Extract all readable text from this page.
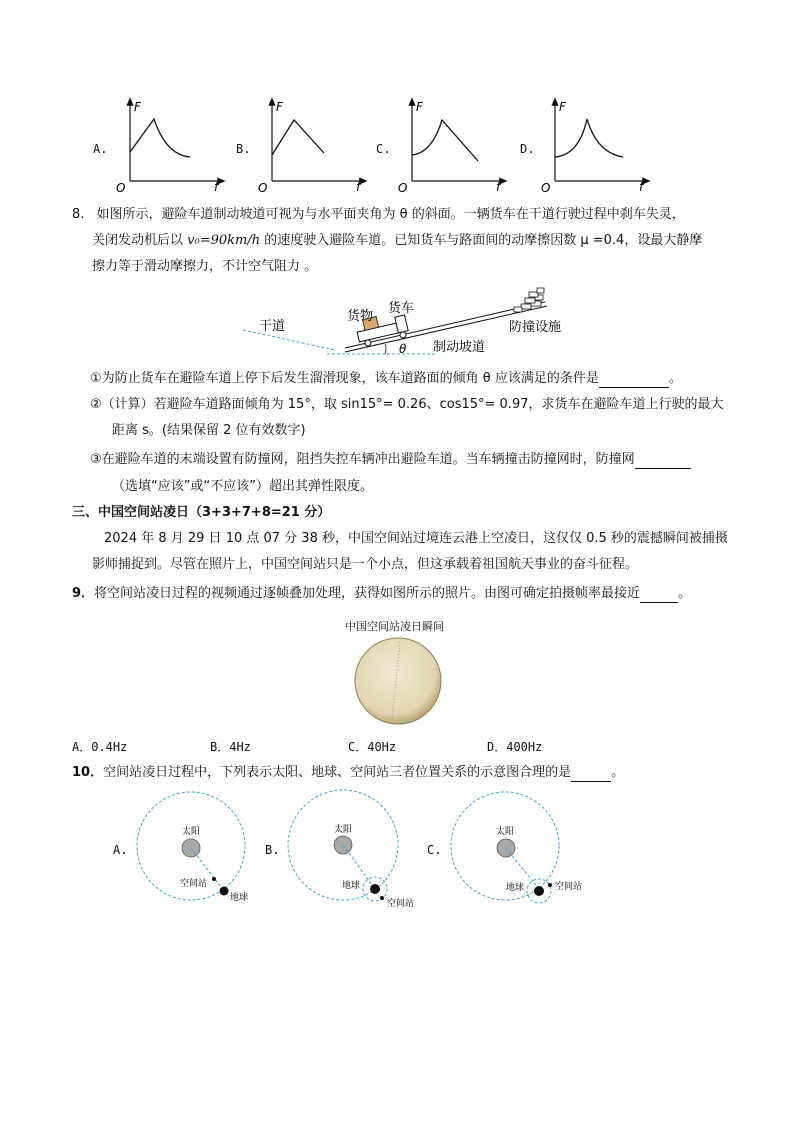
A.
F
f
O
B.
F
f
O
C.
F
f
O
D.
F
f
O
8. 如图所示，避险车道制动坡道可视为与水平面夹角为 θ 的斜面。一辆货车在干道行驶过程中刹车失灵，
关闭发动机后以 v₀=90km/h 的速度驶入避险车道。已知货车与路面间的动摩擦因数 μ =0.4，设最大静摩
擦力等于滑动摩擦力，不计空气阻力 。
干道
货物
货车
防撞设施
制动坡道
θ
①为防止货车在避险车道上停下后发生溜滑现象，该车道路面的倾角 θ 应该满足的条件是	。
②（计算）若避险车道路面倾角为 15°，取 sin15°= 0.26、cos15°= 0.97，求货车在避险车道上行驶的最大
距离 s。(结果保留 2 位有效数字)
③在避险车道的末端设置有防撞网，阻挡失控车辆冲出避险车道。当车辆撞击防撞网时，防撞网
（选填“应该”或“不应该”）超出其弹性限度。
三、中国空间站凌日（3+3+7+8=21 分）
2024 年 8 月 29 日 10 点 07 分 38 秒，中国空间站过境连云港上空凌日，这仅仅 0.5 秒的震撼瞬间被捕摄
影师捕捉到。尽管在照片上，中国空间站只是一个小点，但这承载着祖国航天事业的奋斗征程。
9．将空间站凌日过程的视频通过逐帧叠加处理，获得如图所示的照片。由图可确定拍摄帧率最接近	。
中国空间站凌日瞬间
A．0.4Hz	B．4Hz	C．40Hz	D．400Hz
10．空间站凌日过程中，下列表示太阳、地球、空间站三者位置关系的示意图合理的是	。
A.
太阳
空间站
地球
B.
太阳
地球
空间站
C.
太阳
地球	空间站
